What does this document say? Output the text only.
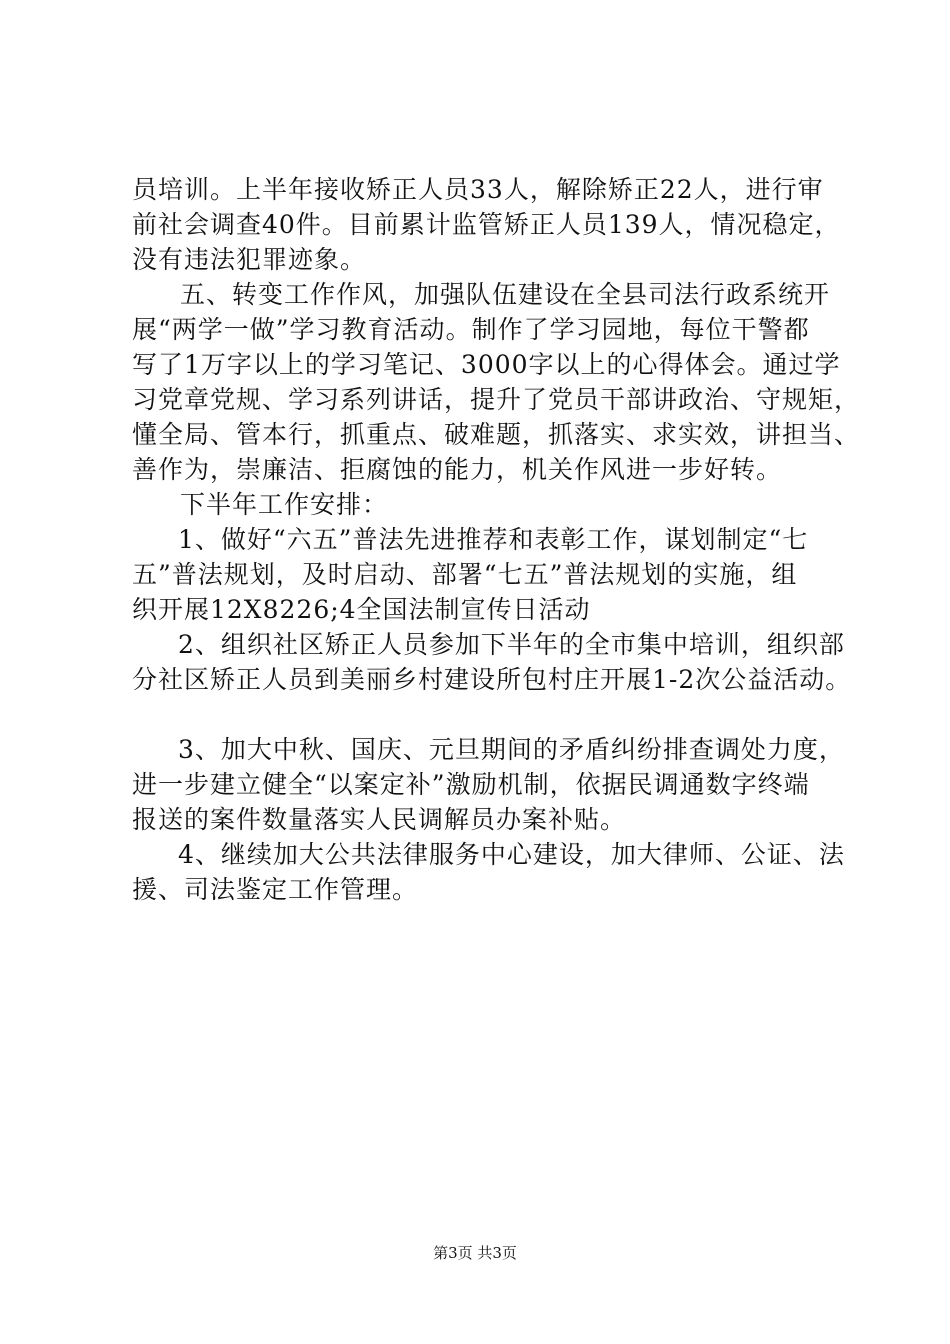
员培训。上半年接收矫正人员33人，解除矫正22人，进行审
前社会调查40件。目前累计监管矫正人员139人，情况稳定，
没有违法犯罪迹象。
五、转变工作作风，加强队伍建设在全县司法行政系统开
展“两学一做”学习教育活动。制作了学习园地，每位干警都
写了1万字以上的学习笔记、3000字以上的心得体会。通过学
习党章党规、学习系列讲话，提升了党员干部讲政治、守规矩，
懂全局、管本行，抓重点、破难题，抓落实、求实效，讲担当、
善作为，崇廉洁、拒腐蚀的能力，机关作风进一步好转。
下半年工作安排：
1、做好“六五”普法先进推荐和表彰工作，谋划制定“七
五”普法规划，及时启动、部署“七五”普法规划的实施，组
织开展12X8226;4全国法制宣传日活动
2、组织社区矫正人员参加下半年的全市集中培训，组织部
分社区矫正人员到美丽乡村建设所包村庄开展1-2次公益活动。
3、加大中秋、国庆、元旦期间的矛盾纠纷排查调处力度，
进一步建立健全“以案定补”激励机制，依据民调通数字终端
报送的案件数量落实人民调解员办案补贴。
4、继续加大公共法律服务中心建设，加大律师、公证、法
援、司法鉴定工作管理。
第3页 共3页
